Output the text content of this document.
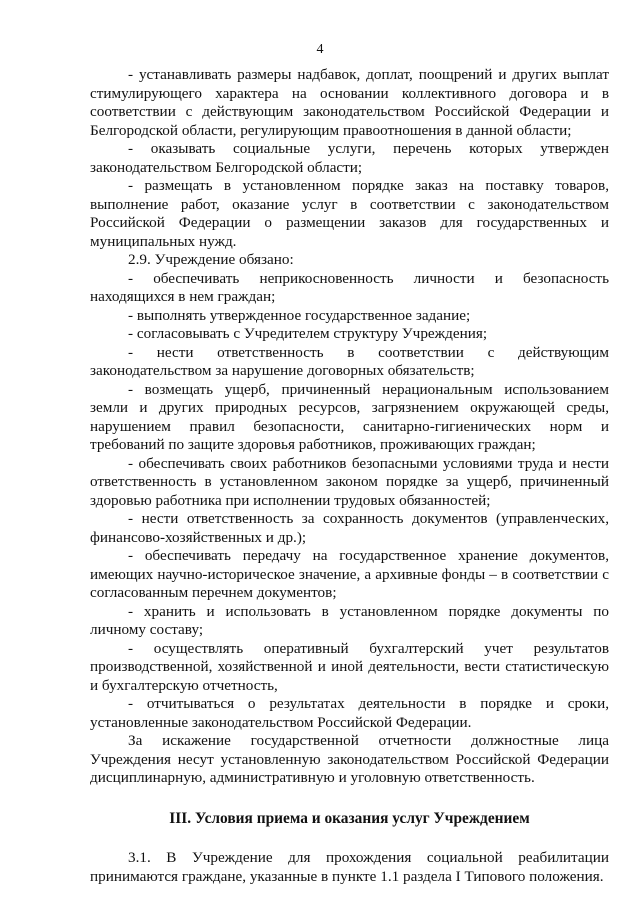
4

- устанавливать размеры надбавок, доплат, поощрений и других выплат стимулирующего характера на основании коллективного договора и в соответствии с действующим законодательством Российской Федерации и Белгородской области, регулирующим правоотношения в данной области;

- оказывать социальные услуги, перечень которых утвержден законодательством Белгородской области;

- размещать в установленном порядке заказ на поставку товаров, выполнение работ, оказание услуг в соответствии с законодательством Российской Федерации о размещении заказов для государственных и муниципальных нужд.

2.9. Учреждение обязано:

- обеспечивать неприкосновенность личности и безопасность находящихся в нем граждан;

- выполнять утвержденное государственное задание;

- согласовывать с Учредителем структуру Учреждения;

- нести ответственность в соответствии с действующим законодательством за нарушение договорных обязательств;

- возмещать ущерб, причиненный нерациональным использованием земли и других природных ресурсов, загрязнением окружающей среды, нарушением правил безопасности, санитарно-гигиенических норм и требований по защите здоровья работников, проживающих граждан;

- обеспечивать своих работников безопасными условиями труда и нести ответственность в установленном законом порядке за ущерб, причиненный здоровью работника при исполнении трудовых обязанностей;

- нести ответственность за сохранность документов (управленческих, финансово-хозяйственных и др.);

- обеспечивать передачу на государственное хранение документов, имеющих научно-историческое значение, а архивные фонды – в соответствии с согласованным перечнем документов;

- хранить и использовать в установленном порядке документы по личному составу;

- осуществлять оперативный бухгалтерский учет результатов производственной, хозяйственной и иной деятельности, вести статистическую и бухгалтерскую отчетность,

- отчитываться о результатах деятельности в порядке и сроки, установленные законодательством Российской Федерации.

За искажение государственной отчетности должностные лица Учреждения несут установленную законодательством Российской Федерации дисциплинарную, административную и уголовную ответственность.

III. Условия приема и оказания услуг Учреждением

3.1. В Учреждение для прохождения социальной реабилитации принимаются граждане, указанные в пункте 1.1 раздела I Типового положения.
